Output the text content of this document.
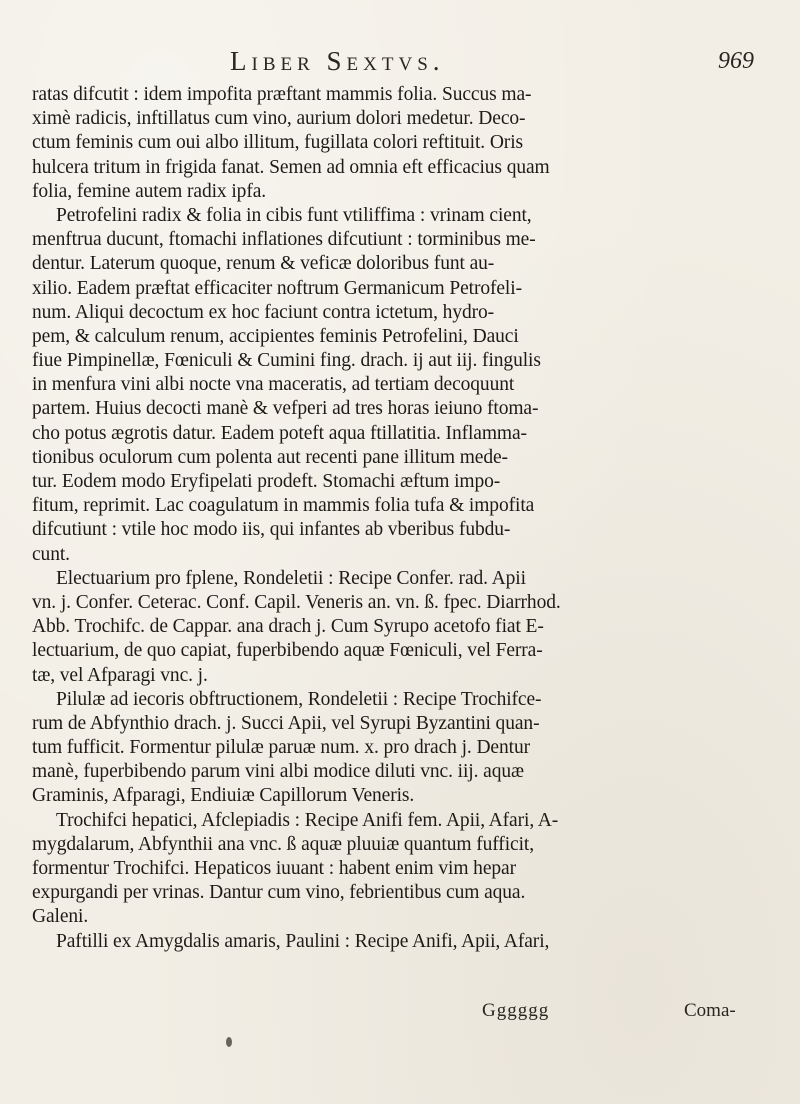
Liber Sextvs.	969
ratas difcutit : idem impofita præftant mammis folia. Succus ma-
ximè radicis, inftillatus cum vino, aurium dolori medetur. Deco-
ctum feminis cum oui albo illitum, fugillata colori reftituit. Oris
hulcera tritum in frigida fanat. Semen ad omnia eft efficacius quam
folia, femine autem radix ipfa.
Petrofelini radix & folia in cibis funt vtiliffima : vrinam cient,
menftrua ducunt, ftomachi inflationes difcutiunt : torminibus me-
dentur. Laterum quoque, renum & veficæ doloribus funt au-
xilio. Eadem præftat efficaciter noftrum Germanicum Petrofeli-
num. Aliqui decoctum ex hoc faciunt contra ictetum, hydro-
pem, & calculum renum, accipientes feminis Petrofelini, Dauci
fiue Pimpinellæ, Fœniculi & Cumini fing. drach. ij aut iij. fingulis
in menfura vini albi nocte vna maceratis, ad tertiam decoquunt
partem. Huius decocti manè & vefperi ad tres horas ieiuno ftoma-
cho potus ægrotis datur. Eadem poteft aqua ftillatitia. Inflamma-
tionibus oculorum cum polenta aut recenti pane illitum mede-
tur. Eodem modo Eryfipelati prodeft. Stomachi æftum impo-
fitum, reprimit. Lac coagulatum in mammis folia tufa & impofita
difcutiunt : vtile hoc modo iis, qui infantes ab vberibus fubdu-
cunt.
Electuarium pro fplene, Rondeletii : Recipe Confer. rad. Apii
vn. j. Confer. Ceterac. Conf. Capil. Veneris an. vn. ß. fpec. Diarrhod.
Abb. Trochifc. de Cappar. ana drach j. Cum Syrupo acetofo fiat E-
lectuarium, de quo capiat, fuperbibendo aquæ Fœniculi, vel Ferra-
tæ, vel Afparagi vnc. j.
Pilulæ ad iecoris obftructionem, Rondeletii : Recipe Trochifce-
rum de Abfynthio drach. j. Succi Apii, vel Syrupi Byzantini quan-
tum fufficit. Formentur pilulæ paruæ num. x. pro drach j. Dentur
manè, fuperbibendo parum vini albi modice diluti vnc. iij. aquæ
Graminis, Afparagi, Endiuiæ Capillorum Veneris.
Trochifci hepatici, Afclepiadis : Recipe Anifi fem. Apii, Afari, A-
mygdalarum, Abfynthii ana vnc. ß aquæ pluuiæ quantum fufficit,
formentur Trochifci. Hepaticos iuuant : habent enim vim hepar
expurgandi per vrinas. Dantur cum vino, febrientibus cum aqua.
Galeni.
Paftilli ex Amygdalis amaris, Paulini : Recipe Anifi, Apii, Afari,
Gggggg	Coma-
